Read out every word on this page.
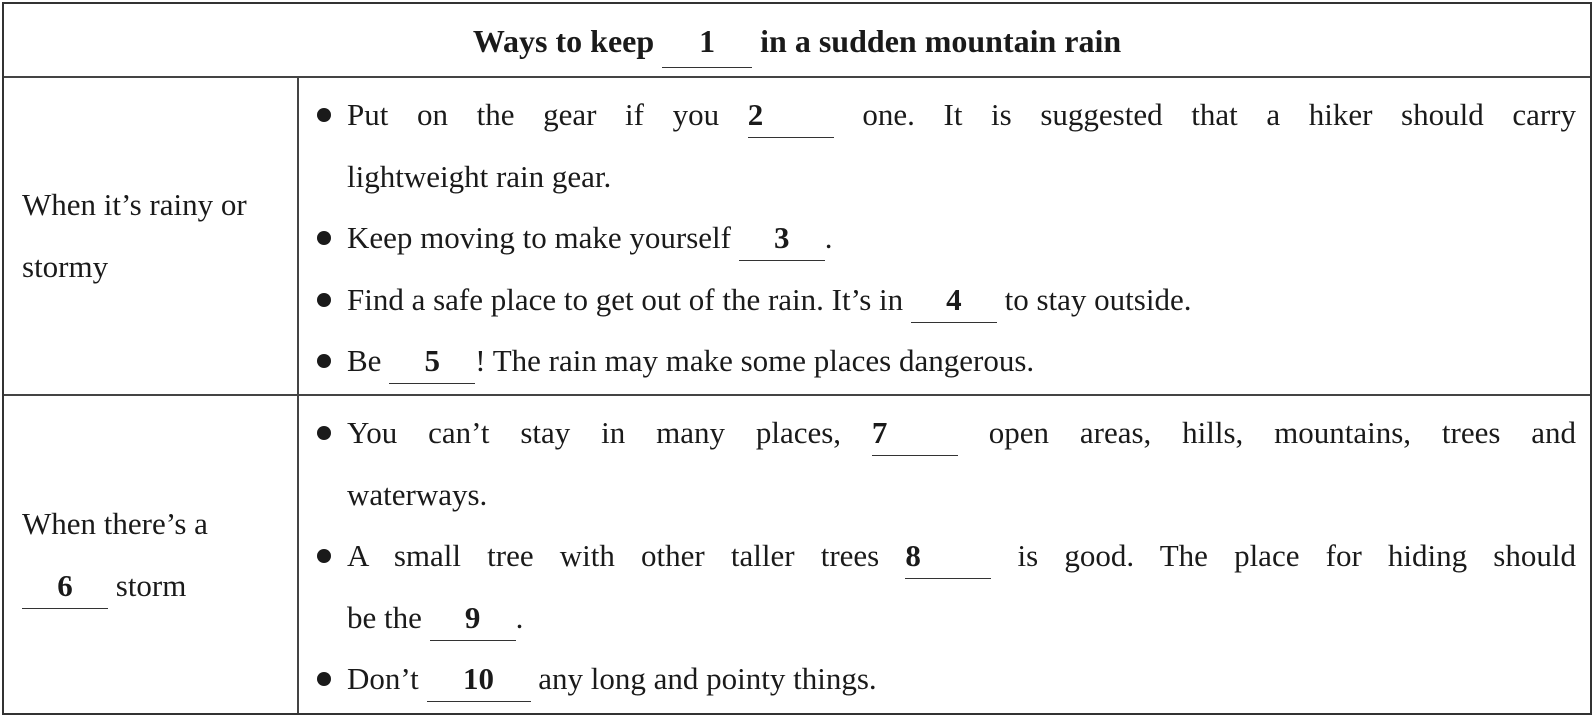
Ways to keep 1 in a sudden mountain rain
When it’s rainy or stormy
Put on the gear if you 2	one. It is suggested that a hiker should carry
lightweight rain gear.
Keep moving to make yourself 3 .
Find a safe place to get out of the rain. It’s in 4 to stay outside.
Be 5 ! The rain may make some places dangerous.
When there’s a
6 storm
You can’t stay in many places, 7	open areas, hills, mountains, trees and
waterways.
A small tree with other taller trees 8	is good. The place for hiding should
be the 9 .
Don’t 10 any long and pointy things.
